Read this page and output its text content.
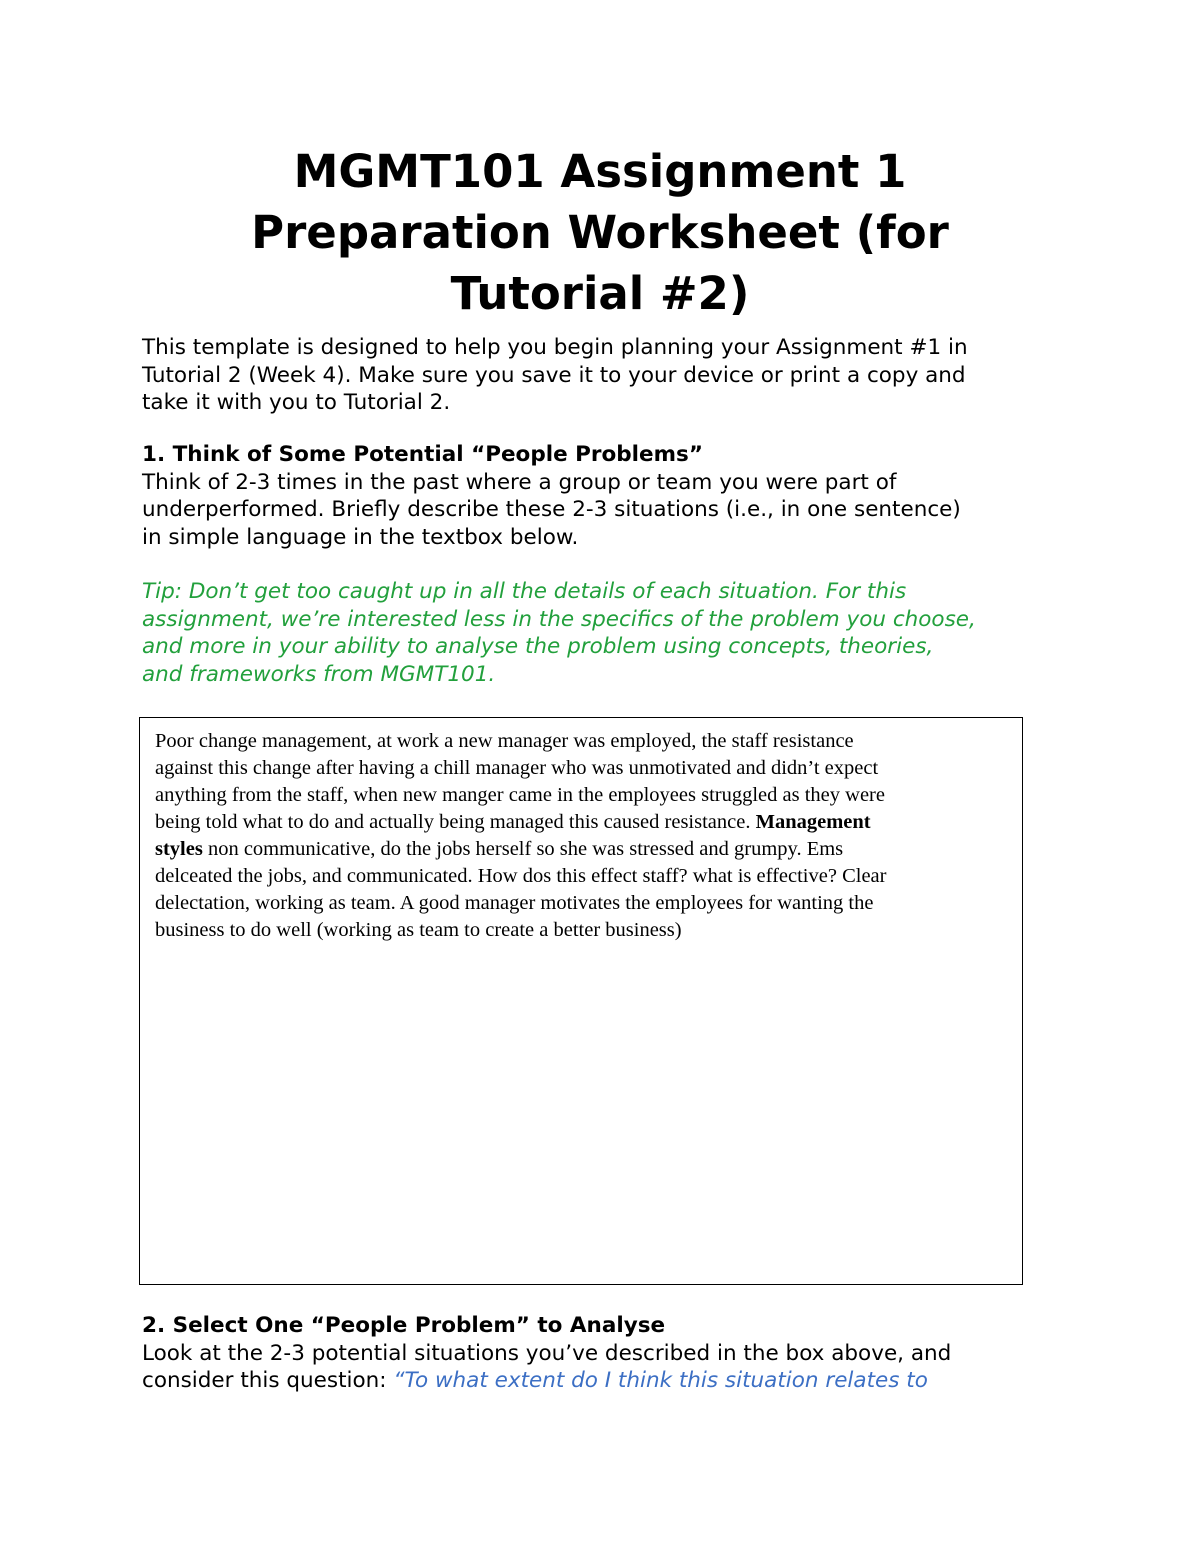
MGMT101 Assignment 1
Preparation Worksheet (for
Tutorial #2)

This template is designed to help you begin planning your Assignment #1 in
Tutorial 2 (Week 4). Make sure you save it to your device or print a copy and
take it with you to Tutorial 2.

1. Think of Some Potential “People Problems”
Think of 2-3 times in the past where a group or team you were part of
underperformed. Briefly describe these 2-3 situations (i.e., in one sentence)
in simple language in the textbox below.

Tip: Don’t get too caught up in all the details of each situation. For this
assignment, we’re interested less in the specifics of the problem you choose,
and more in your ability to analyse the problem using concepts, theories,
and frameworks from MGMT101.

Poor change management, at work a new manager was employed, the staff resistance
against this change after having a chill manager who was unmotivated and didn’t expect
anything from the staff, when new manger came in the employees struggled as they were
being told what to do and actually being managed this caused resistance. Management
styles non communicative, do the jobs herself so she was stressed and grumpy. Ems
delceated the jobs, and communicated. How dos this effect staff? what is effective? Clear
delectation, working as team. A good manager motivates the employees for wanting the
business to do well (working as team to create a better business)
2. Select One “People Problem” to Analyse
Look at the 2-3 potential situations you’ve described in the box above, and
consider this question: “To what extent do I think this situation relates to
